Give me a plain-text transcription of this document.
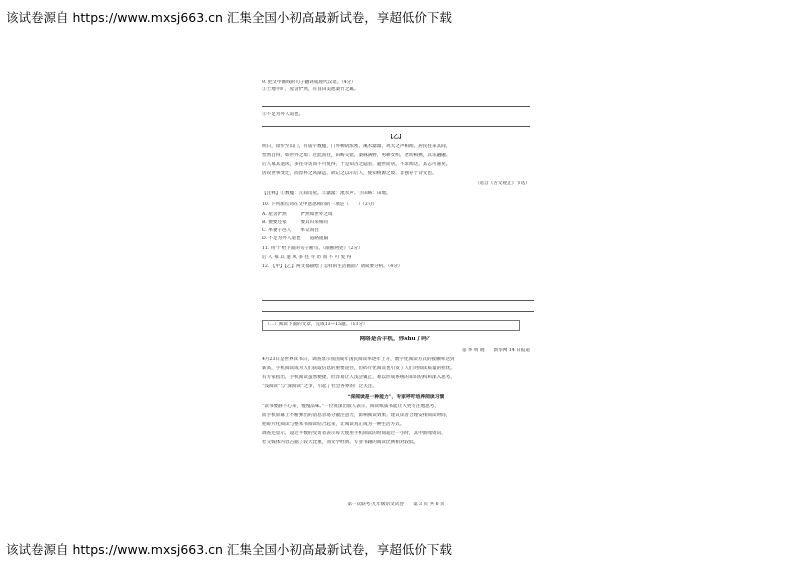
该试卷源自 https://www.mxsj663.cn 汇集全国小初高最新试卷，享超低价下载
9. 把文中画线的句子翻译成现代汉语。（4分）
①土地平旷，屋舍俨然，有良田美池桑竹之属。
②不足为外人道也。
【乙】
明日，徐步至山门，有庙宇数楹，门外柳阴浓密，溪水潺潺，鸡犬之声相闻，居民往来其间，
怡然自得，如世外之境；过此而往，田畴交错，桑麻满野，男耕女织，老幼相携，其乐融融。
后人慕其遗风，多往寻访而不可复得，于是知古之隐者，避世而居，不求闻达，其志可嘉矣。
因叹世事变迁，而淳朴之风渐远，故记之以示后人，使知桃源之境，非独存于诗文也。
（选自《古文观止》节选）
【注释】①数楹：几间房屋。②潺潺：流水声。③田畴：田地。
10. 下列加点词在文中意思相同的一项是（　　）（2分）
A. 屋舍俨然　　　俨然如世外之境
B. 便要还家　　　要其归来相问
C. 率妻子邑人　　率众而往
D. 不足为外人道也　　道路阻隔
11. 用“/”给下面的句子断句。（限断两处）（2分）
后 人 慕 其 遗 风 多 往 寻 访 而 不 可 复 得
12. 【甲】【乙】两文都描绘了怎样的生活画面？请简要分析。（4分）
（二）阅读下面的文章，完成13—15题。（13分）
网络是否手机，你shū了吗？
◎ 李 明 晓　　新华网 14 日报道
4月23日是世界读书日，调查显示我国成年国民阅读率逐年上升，数字化阅读方式的接触率达到
新高，手机阅读成为人们获取信息的重要途径，但碎片化阅读也引发了人们对阅读质量的担忧。
有专家指出，手机阅读虽然便捷，但容易让人浅尝辄止，难以形成系统的知识结构和深入思考。
“浅阅读”与“深阅读”之争，引起了社会各界的广泛关注。
“深阅读是一种能力”，专家呼吁培养阅读习惯
“读书要静下心来，慢慢品味。”一位资深出版人表示，阅读纸质书能让人更专注地思考，
而手机屏幕上不断弹出的消息容易分散注意力，影响阅读效果。建议读者合理安排阅读时间，
把碎片化阅读与整本书阅读结合起来，让阅读真正成为一种生活方式。
调查还显示，超过半数的受访者表示每天使用手机阅读的时间超过一小时，其中新闻资讯、
社交媒体内容占据了较大比重，而文学经典、专业书籍的阅读比例相对较低。
第一次联考·九年级语文试卷　　第 3 页 共 6 页
该试卷源自 https://www.mxsj663.cn 汇集全国小初高最新试卷，享超低价下载
